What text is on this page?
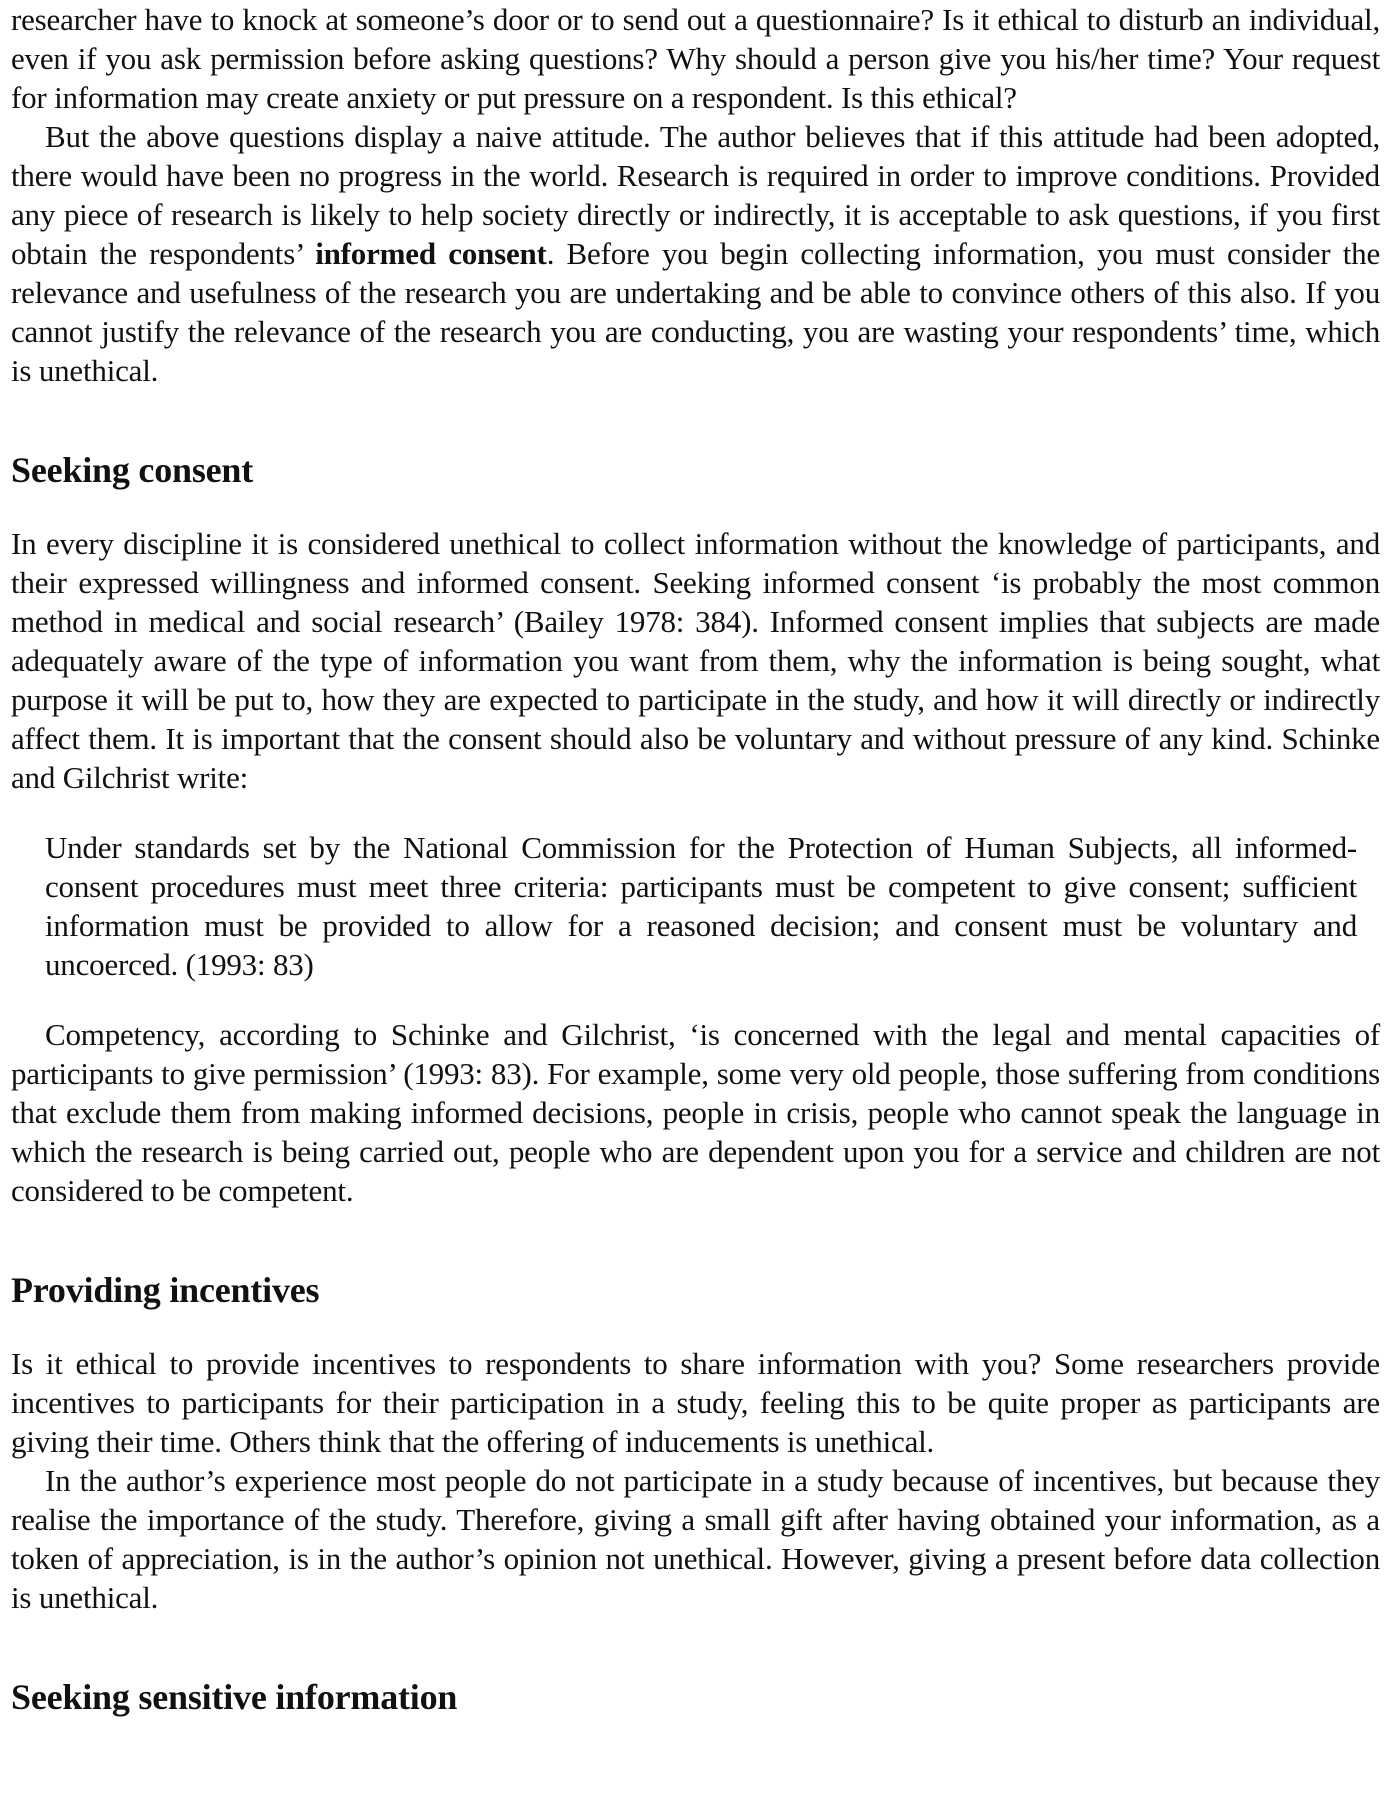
researcher have to knock at someone’s door or to send out a questionnaire? Is it ethical to disturb an individual, even if you ask permission before asking questions? Why should a person give you his/her time? Your request for information may create anxiety or put pressure on a respondent. Is this ethical?

But the above questions display a naive attitude. The author believes that if this attitude had been adopted, there would have been no progress in the world. Research is required in order to improve conditions. Provided any piece of research is likely to help society directly or indirectly, it is acceptable to ask questions, if you first obtain the respondents’ informed consent. Before you begin collecting information, you must consider the relevance and usefulness of the research you are undertaking and be able to convince others of this also. If you cannot justify the relevance of the research you are conducting, you are wasting your respondents’ time, which is unethical.

Seeking consent

In every discipline it is considered unethical to collect information without the knowledge of participants, and their expressed willingness and informed consent. Seeking informed consent ‘is probably the most common method in medical and social research’ (Bailey 1978: 384). Informed consent implies that subjects are made adequately aware of the type of information you want from them, why the information is being sought, what purpose it will be put to, how they are expected to participate in the study, and how it will directly or indirectly affect them. It is important that the consent should also be voluntary and without pressure of any kind. Schinke and Gilchrist write:

Under standards set by the National Commission for the Protection of Human Subjects, all informed-consent procedures must meet three criteria: participants must be competent to give consent; sufficient information must be provided to allow for a reasoned decision; and consent must be voluntary and uncoerced. (1993: 83)

Competency, according to Schinke and Gilchrist, ‘is concerned with the legal and mental capacities of participants to give permission’ (1993: 83). For example, some very old people, those suffering from conditions that exclude them from making informed decisions, people in crisis, people who cannot speak the language in which the research is being carried out, people who are dependent upon you for a service and children are not considered to be competent.

Providing incentives

Is it ethical to provide incentives to respondents to share information with you? Some researchers provide incentives to participants for their participation in a study, feeling this to be quite proper as participants are giving their time. Others think that the offering of inducements is unethical.

In the author’s experience most people do not participate in a study because of incentives, but because they realise the importance of the study. Therefore, giving a small gift after having obtained your information, as a token of appreciation, is in the author’s opinion not unethical. However, giving a present before data collection is unethical.

Seeking sensitive information
